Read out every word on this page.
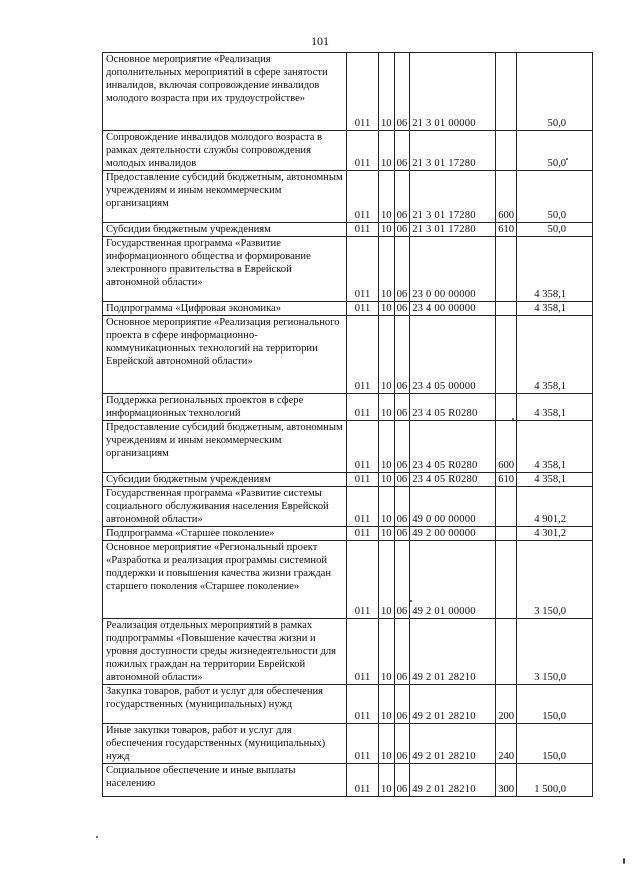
101
Основное мероприятие «Реализация дополнительных мероприятий в сфере занятости инвалидов, включая сопровождение инвалидов молодого возраста при их трудоустройстве»	011	10	06	21 3 01 00000		50,0
Сопровождение инвалидов молодого возраста в рамках деятельности службы сопровождения молодых инвалидов	011	10	06	21 3 01 17280		50,0
Предоставление субсидий бюджетным, автономным учреждениям и иным некоммерческим организациям	011	10	06	21 3 01 17280	600	50,0
Субсидии бюджетным учреждениям	011	10	06	21 3 01 17280	610	50,0
Государственная программа «Развитие информационного общества и формирование электронного правительства в Еврейской автономной области»	011	10	06	23 0 00 00000		4 358,1
Подпрограмма «Цифровая экономика»	011	10	06	23 4 00 00000		4 358,1
Основное мероприятие «Реализация регионального проекта в сфере информационно-коммуникационных технологий на территории Еврейской автономной области»	011	10	06	23 4 05 00000		4 358,1
Поддержка региональных проектов в сфере информационных технологий	011	10	06	23 4 05 R0280		4 358,1
Предоставление субсидий бюджетным, автономным учреждениям и иным некоммерческим организациям	011	10	06	23 4 05 R0280	600	4 358,1
Субсидии бюджетным учреждениям	011	10	06	23 4 05 R0280	610	4 358,1
Государственная программа «Развитие системы социального обслуживания населения Еврейской автономной области»	011	10	06	49 0 00 00000		4 901,2
Подпрограмма «Старшее поколение»	011	10	06	49 2 00 00000		4 301,2
Основное мероприятие «Региональный проект «Разработка и реализация программы системной поддержки и повышения качества жизни граждан старшего поколения «Старшее поколение»	011	10	06	49 2 01 00000		3 150,0
Реализация отдельных мероприятий в рамках подпрограммы «Повышение качества жизни и уровня доступности среды жизнедеятельности для пожилых граждан на территории Еврейской автономной области»	011	10	06	49 2 01 28210		3 150,0
Закупка товаров, работ и услуг для обеспечения государственных (муниципальных) нужд	011	10	06	49 2 01 28210	200	150,0
Иные закупки товаров, работ и услуг для обеспечения государственных (муниципальных) нужд	011	10	06	49 2 01 28210	240	150,0
Социальное обеспечение и иные выплаты населению	011	10	06	49 2 01 28210	300	1 500,0
